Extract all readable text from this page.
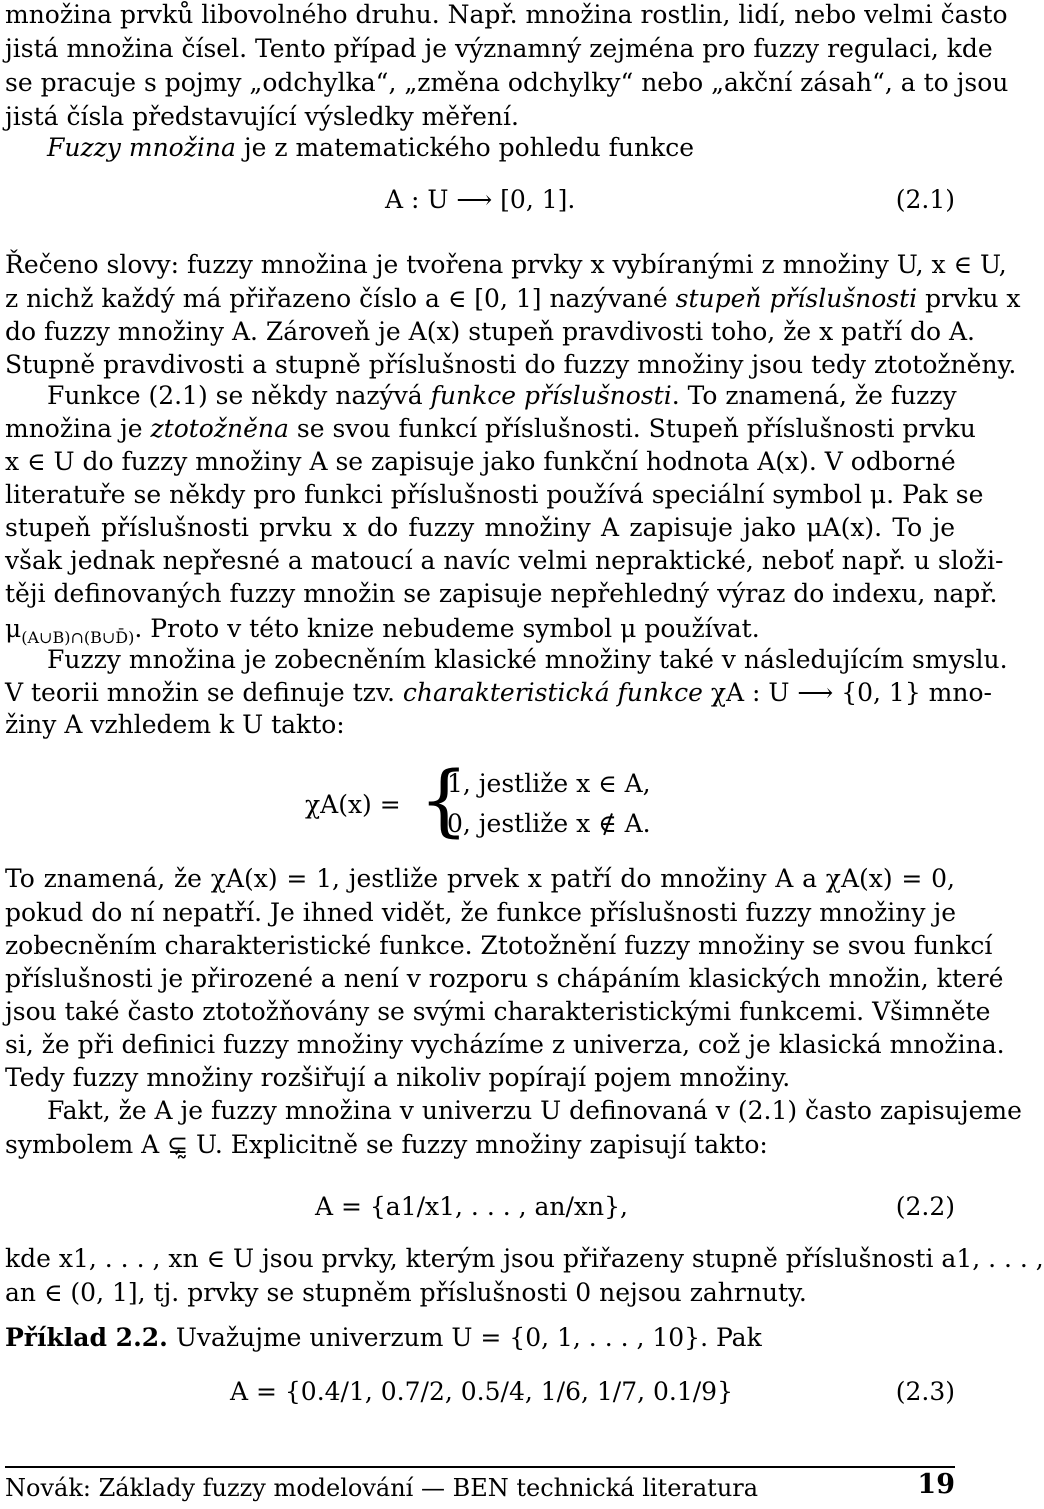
množina prvků libovolného druhu. Např. množina rostlin, lidí, nebo velmi často
jistá množina čísel. Tento případ je významný zejména pro fuzzy regulaci, kde
se pracuje s pojmy „odchylka“, „změna odchylky“ nebo „akční zásah“, a to jsou
jistá čísla představující výsledky měření.
Fuzzy množina je z matematického pohledu funkce
A : U ⟶ [0, 1].	(2.1)
Řečeno slovy: fuzzy množina je tvořena prvky x vybíranými z množiny U, x ∈ U,
z nichž každý má přiřazeno číslo a ∈ [0, 1] nazývané stupeň příslušnosti prvku x
do fuzzy množiny A. Zároveň je A(x) stupeň pravdivosti toho, že x patří do A.
Stupně pravdivosti a stupně příslušnosti do fuzzy množiny jsou tedy ztotožněny.
Funkce (2.1) se někdy nazývá funkce příslušnosti. To znamená, že fuzzy
množina je ztotožněna se svou funkcí příslušnosti. Stupeň příslušnosti prvku
x ∈ U do fuzzy množiny A se zapisuje jako funkční hodnota A(x). V odborné
literatuře se někdy pro funkci příslušnosti používá speciální symbol μ. Pak se
stupeň příslušnosti prvku x do fuzzy množiny A zapisuje jako μA(x). To je
však jednak nepřesné a matoucí a navíc velmi nepraktické, neboť např. u složi-
těji definovaných fuzzy množin se zapisuje nepřehledný výraz do indexu, např.
$\mu_{(A\cup B)\cap(B\cup D̄)}$. Proto v této knize nebudeme symbol μ používat.
Fuzzy množina je zobecněním klasické množiny také v následujícím smyslu.
V teorii množin se definuje tzv. charakteristická funkce χA : U ⟶ {0, 1} mno-
žiny A vzhledem k U takto:
χA(x) = {
1, jestliže x ∈ A,
0, jestliže x ∉ A.
To znamená, že χA(x) = 1, jestliže prvek x patří do množiny A a χA(x) = 0,
pokud do ní nepatří. Je ihned vidět, že funkce příslušnosti fuzzy množiny je
zobecněním charakteristické funkce. Ztotožnění fuzzy množiny se svou funkcí
příslušnosti je přirozené a není v rozporu s chápáním klasických množin, které
jsou také často ztotožňovány se svými charakteristickými funkcemi. Všimněte
si, že při definici fuzzy množiny vycházíme z univerza, což je klasická množina.
Tedy fuzzy množiny rozšiřují a nikoliv popírají pojem množiny.
Fakt, že A je fuzzy množina v univerzu U definovaná v (2.1) často zapisujeme
symbolem A ⊊̰ U. Explicitně se fuzzy množiny zapisují takto:
A = {a1/x1, . . . , an/xn},	(2.2)
kde x1, . . . , xn ∈ U jsou prvky, kterým jsou přiřazeny stupně příslušnosti a1, . . . ,
an ∈ (0, 1], tj. prvky se stupněm příslušnosti 0 nejsou zahrnuty.
Příklad 2.2. Uvažujme univerzum U = {0, 1, . . . , 10}. Pak
A = {0.4/1, 0.7/2, 0.5/4, 1/6, 1/7, 0.1/9}	(2.3)
Novák: Základy fuzzy modelování — BEN technická literatura	19
